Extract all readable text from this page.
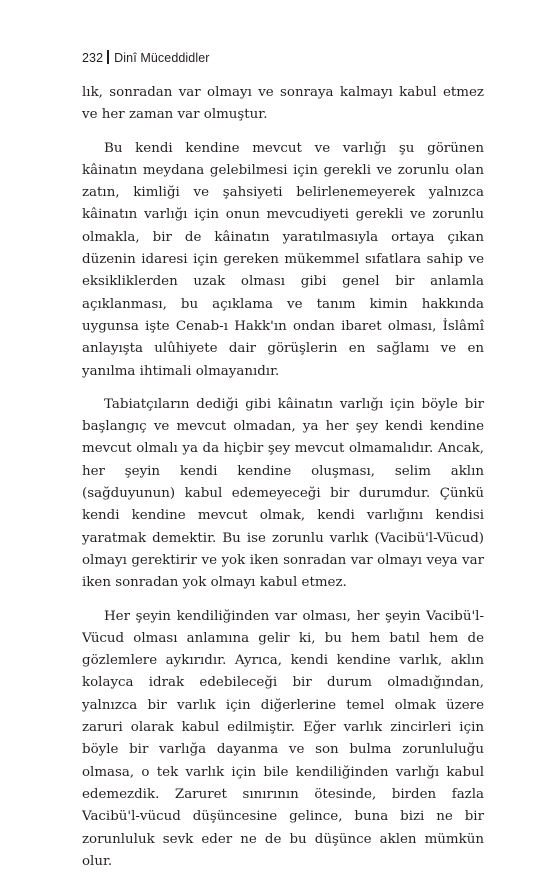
232 Dinî Müceddidler

lık, sonradan var olmayı ve sonraya kalmayı kabul etmez ve her zaman var olmuştur.

Bu kendi kendine mevcut ve varlığı şu görünen kâinatın meydana gelebilmesi için gerekli ve zorunlu olan zatın, kimliği ve şahsiyeti belirlenemeyerek yalnızca kâinatın varlığı için onun mevcudiyeti gerekli ve zorunlu olmakla, bir de kâinatın yaratılmasıyla ortaya çıkan düzenin idaresi için gereken mükemmel sıfatlara sahip ve eksikliklerden uzak olması gibi genel bir anlamla açıklanması, bu açıklama ve tanım kimin hakkında uygunsa işte Cenab-ı Hakk'ın ondan ibaret olması, İslâmî anlayışta ulûhiyete dair görüşlerin en sağlamı ve en yanılma ihtimali olmayanıdır.

Tabiatçıların dediği gibi kâinatın varlığı için böyle bir başlangıç ve mevcut olmadan, ya her şey kendi kendine mevcut olmalı ya da hiçbir şey mevcut olmamalıdır. Ancak, her şeyin kendi kendine oluşması, selim aklın (sağduyunun) kabul edemeyeceği bir durumdur. Çünkü kendi kendine mevcut olmak, kendi varlığını kendisi yaratmak demektir. Bu ise zorunlu varlık (Vacibü'l-Vücud) olmayı gerektirir ve yok iken sonradan var olmayı veya var iken sonradan yok olmayı kabul etmez.

Her şeyin kendiliğinden var olması, her şeyin Vacibü'l-Vücud olması anlamına gelir ki, bu hem batıl hem de gözlemlere aykırıdır. Ayrıca, kendi kendine varlık, aklın kolayca idrak edebileceği bir durum olmadığından, yalnızca bir varlık için diğerlerine temel olmak üzere zaruri olarak kabul edilmiştir. Eğer varlık zincirleri için böyle bir varlığa dayanma ve son bulma zorunluluğu olmasa, o tek varlık için bile kendiliğinden varlığı kabul edemezdik. Zaruret sınırının ötesinde, birden fazla Vacibü'l-vücud düşüncesine gelince, buna bizi ne bir zorunluluk sevk eder ne de bu düşünce aklen mümkün olur.
